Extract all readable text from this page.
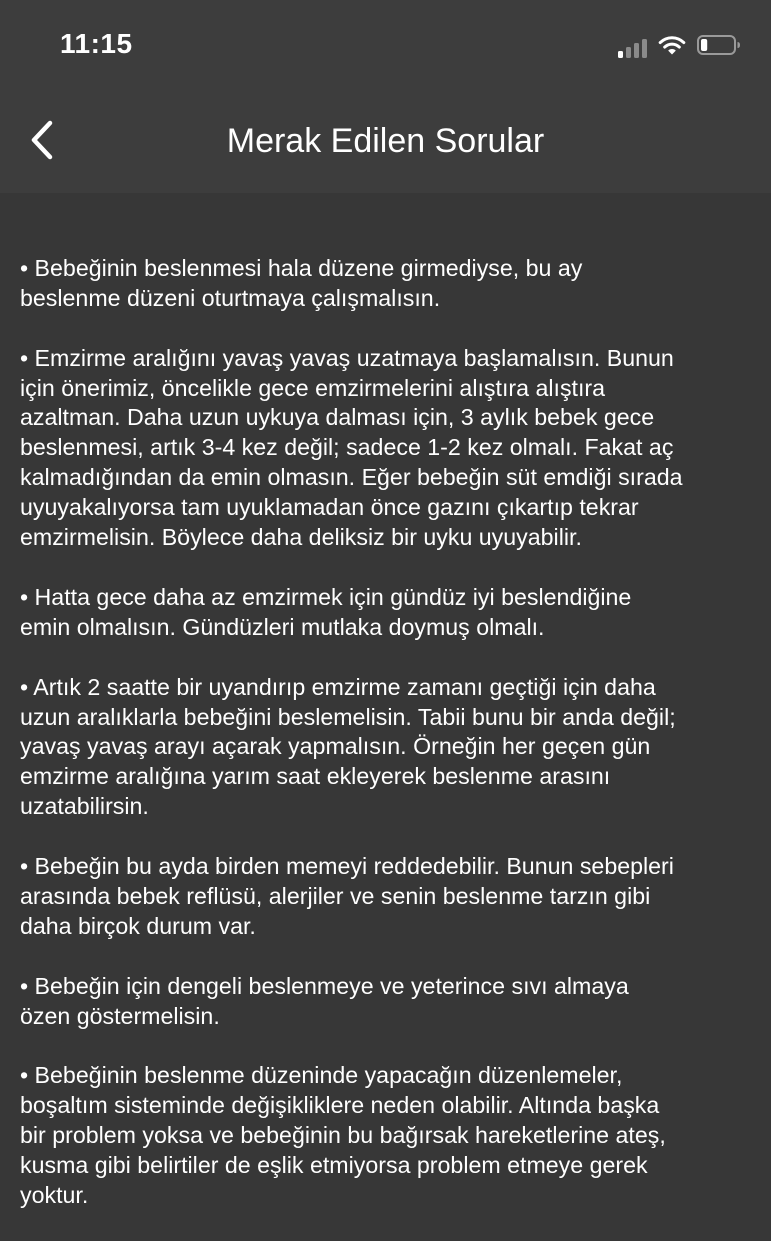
11:15
Merak Edilen Sorular

• Bebeğinin beslenmesi hala düzene girmediyse, bu ay
beslenme düzeni oturtmaya çalışmalısın.

• Emzirme aralığını yavaş yavaş uzatmaya başlamalısın. Bunun
için önerimiz, öncelikle gece emzirmelerini alıştıra alıştıra
azaltman. Daha uzun uykuya dalması için, 3 aylık bebek gece
beslenmesi, artık 3-4 kez değil; sadece 1-2 kez olmalı. Fakat aç
kalmadığından da emin olmasın. Eğer bebeğin süt emdiği sırada
uyuyakalıyorsa tam uyuklamadan önce gazını çıkartıp tekrar
emzirmelisin. Böylece daha deliksiz bir uyku uyuyabilir.

• Hatta gece daha az emzirmek için gündüz iyi beslendiğine
emin olmalısın. Gündüzleri mutlaka doymuş olmalı.

• Artık 2 saatte bir uyandırıp emzirme zamanı geçtiği için daha
uzun aralıklarla bebeğini beslemelisin. Tabii bunu bir anda değil;
yavaş yavaş arayı açarak yapmalısın. Örneğin her geçen gün
emzirme aralığına yarım saat ekleyerek beslenme arasını
uzatabilirsin.

• Bebeğin bu ayda birden memeyi reddedebilir. Bunun sebepleri
arasında bebek reflüsü, alerjiler ve senin beslenme tarzın gibi
daha birçok durum var.

• Bebeğin için dengeli beslenmeye ve yeterince sıvı almaya
özen göstermelisin.

• Bebeğinin beslenme düzeninde yapacağın düzenlemeler,
boşaltım sisteminde değişikliklere neden olabilir. Altında başka
bir problem yoksa ve bebeğinin bu bağırsak hareketlerine ateş,
kusma gibi belirtiler de eşlik etmiyorsa problem etmeye gerek
yoktur.
